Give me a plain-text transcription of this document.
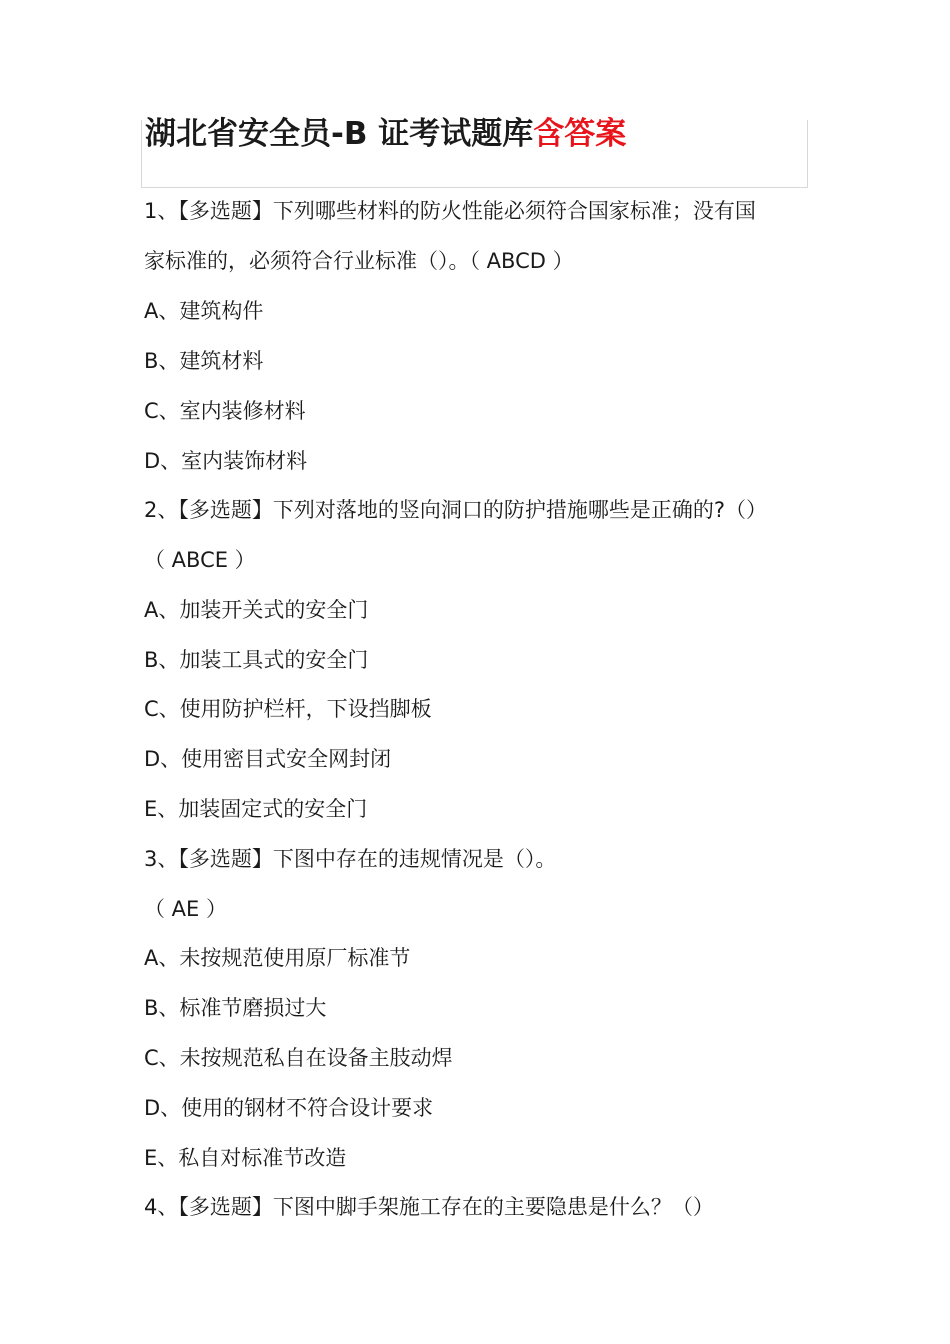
湖北省安全员-B 证考试题库含答案
1、【多选题】下列哪些材料的防火性能必须符合国家标准；没有国
家标准的，必须符合行业标准（）。（ ABCD ）
A、建筑构件
B、建筑材料
C、室内装修材料
D、室内装饰材料
2、【多选题】下列对落地的竖向洞口的防护措施哪些是正确的?（）
（ ABCE ）
A、加装开关式的安全门
B、加装工具式的安全门
C、使用防护栏杆，下设挡脚板
D、使用密目式安全网封闭
E、加装固定式的安全门
3、【多选题】下图中存在的违规情况是（）。
（ AE ）
A、未按规范使用原厂标准节
B、标准节磨损过大
C、未按规范私自在设备主肢动焊
D、使用的钢材不符合设计要求
E、私自对标准节改造
4、【多选题】下图中脚手架施工存在的主要隐患是什么？（）
